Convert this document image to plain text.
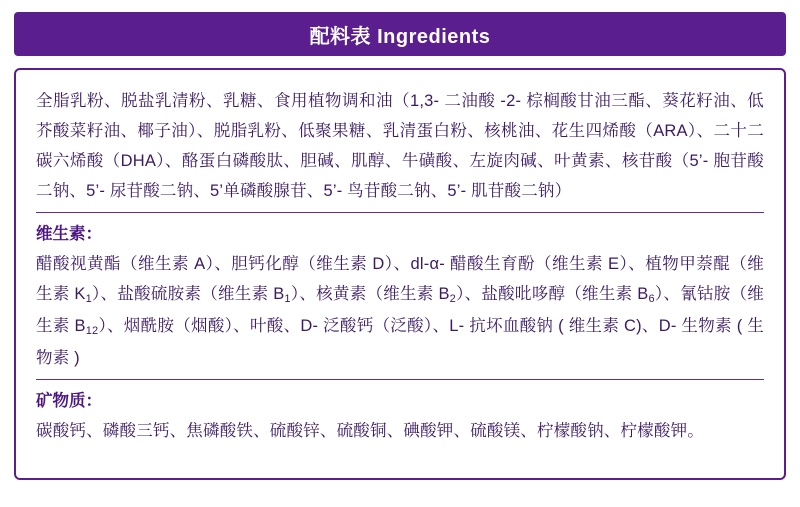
配料表 Ingredients

全脂乳粉、脱盐乳清粉、乳糖、食用植物调和油（1,3- 二油酸 -2- 棕榈酸甘油三酯、葵花籽油、低芥酸菜籽油、椰子油）、脱脂乳粉、低聚果糖、乳清蛋白粉、核桃油、花生四烯酸（ARA）、二十二碳六烯酸（DHA）、酪蛋白磷酸肽、胆碱、肌醇、牛磺酸、左旋肉碱、叶黄素、核苷酸（5’- 胞苷酸二钠、5’- 尿苷酸二钠、5’单磷酸腺苷、5’- 鸟苷酸二钠、5’- 肌苷酸二钠）

维生素：

醋酸视黄酯（维生素 A）、胆钙化醇（维生素 D）、dl-α- 醋酸生育酚（维生素 E）、植物甲萘醌（维生素 $K_1$）、盐酸硫胺素（维生素 $B_1$）、核黄素（维生素 $B_2$）、盐酸吡哆醇（维生素 $B_6$）、氰钴胺（维生素 $B_{12}$）、烟酰胺（烟酸）、叶酸、D- 泛酸钙（泛酸）、L- 抗坏血酸钠 ( 维生素 C)、D- 生物素 ( 生物素 )

矿物质：

碳酸钙、磷酸三钙、焦磷酸铁、硫酸锌、硫酸铜、碘酸钾、硫酸镁、柠檬酸钠、柠檬酸钾。
